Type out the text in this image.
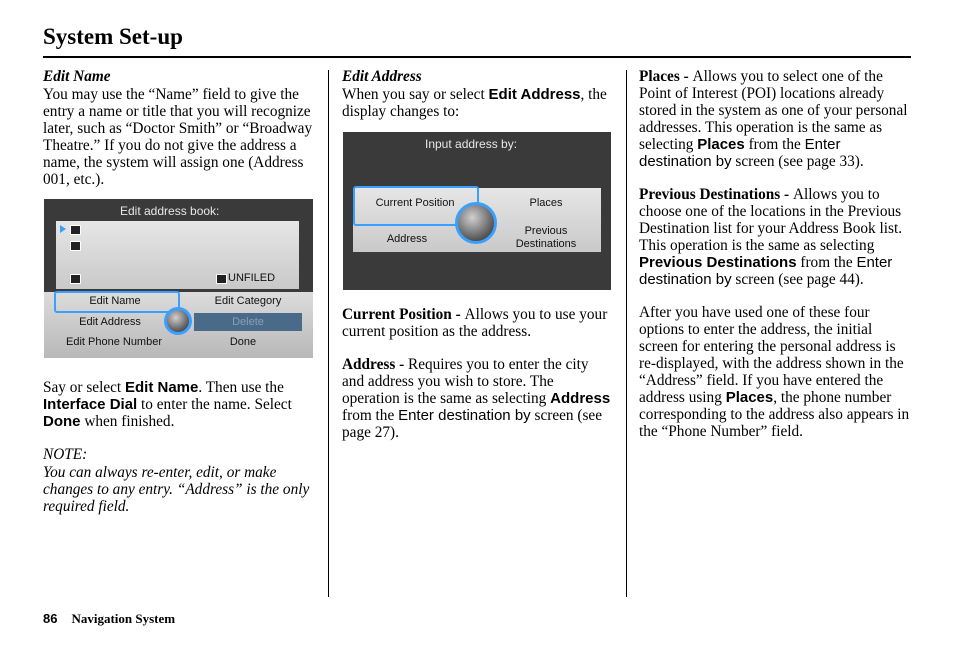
System Set-up

Edit Name

You may use the “Name” field to give the entry a name or title that you will recognize later, such as “Doctor Smith” or “Broadway Theatre.” If you do not give the address a name, the system will assign one (Address 001, etc.).

Say or select Edit Name. Then use the Interface Dial to enter the name. Select Done when finished.

NOTE:

You can always re-enter, edit, or make changes to any entry. “Address” is the only required field.

Edit address book:
UNFILED
Edit Name	Edit Category
Edit Address	Delete
Edit Phone Number	Done

Edit Address

When you say or select Edit Address, the display changes to:

Current Position - Allows you to use your current position as the address.

Address - Requires you to enter the city and address you wish to store. The operation is the same as selecting Address from the Enter destination by screen (see page 27).

Input address by:
Current Position	Places
Address
Previous
Destinations

Places - Allows you to select one of the Point of Interest (POI) locations already stored in the system as one of your personal addresses. This operation is the same as selecting Places from the Enter destination by screen (see page 33).

Previous Destinations - Allows you to choose one of the locations in the Previous Destination list for your Address Book list. This operation is the same as selecting Previous Destinations from the Enter destination by screen (see page 44).

After you have used one of these four options to enter the address, the initial screen for entering the personal address is re-displayed, with the address shown in the “Address” field. If you have entered the address using Places, the phone number corresponding to the address also appears in the “Phone Number” field.

86 Navigation System
